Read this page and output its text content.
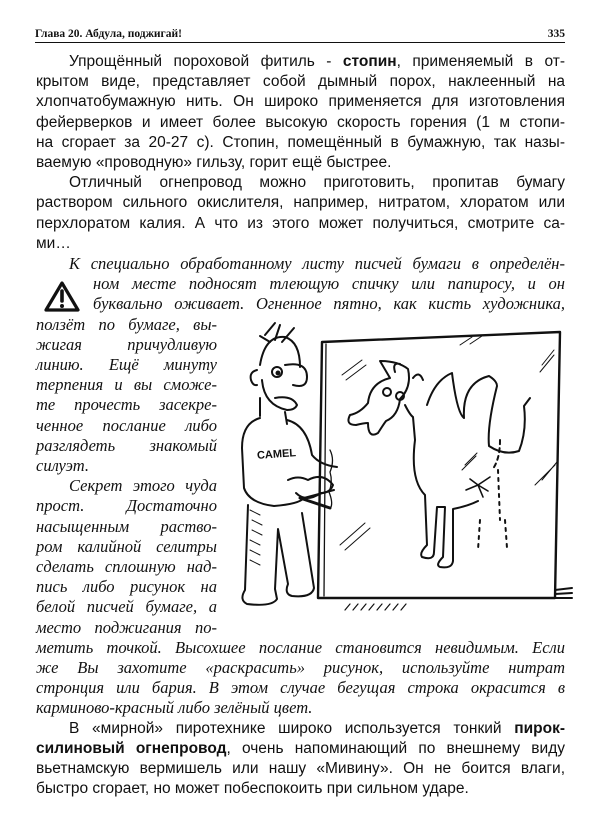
Глава 20. Абдула, поджигай!	335
Упрощённый пороховой фитиль - стопин, применяемый в от-
крытом виде, представляет собой дымный порох, наклеенный на
хлопчатобумажную нить. Он широко применяется для изготовления
фейерверков и имеет более высокую скорость горения (1 м стопи-
на сгорает за 20-27 с). Стопин, помещённый в бумажную, так назы-
ваемую «проводную» гильзу, горит ещё быстрее.
Отличный огнепровод можно приготовить, пропитав бумагу
раствором сильного окислителя, например, нитратом, хлоратом или
перхлоратом калия. А что из этого может получиться, смотрите са-
ми…
К специально обработанному листу писчей бумаги в определён-
ном месте подносят тлеющую спичку или папиросу, и он
буквально оживает. Огненное пятно, как кисть художника,
ползёт по бумаге, вы-
жигая причудливую
линию. Ещё минуту
терпения и вы сможе-
те прочесть засекре-
ченное послание либо
разглядеть знакомый
силуэт.
Секрет этого чуда
прост. Достаточно
насыщенным раство-
ром калийной селитры
сделать сплошную над-
пись либо рисунок на
белой писчей бумаге, а
место поджигания по-
метить точкой. Высохшее послание становится невидимым. Если
же Вы захотите «раскрасить» рисунок, используйте нитрат
стронция или бария. В этом случае бегущая строка окрасится в
карминово-красный либо зелёный цвет.
В «мирной» пиротехнике широко используется тонкий пирок-
силиновый огнепровод, очень напоминающий по внешнему виду
вьетнамскую вермишель или нашу «Мивину». Он не боится влаги,
быстро сгорает, но может побеспокоить при сильном ударе.
CAMEL
